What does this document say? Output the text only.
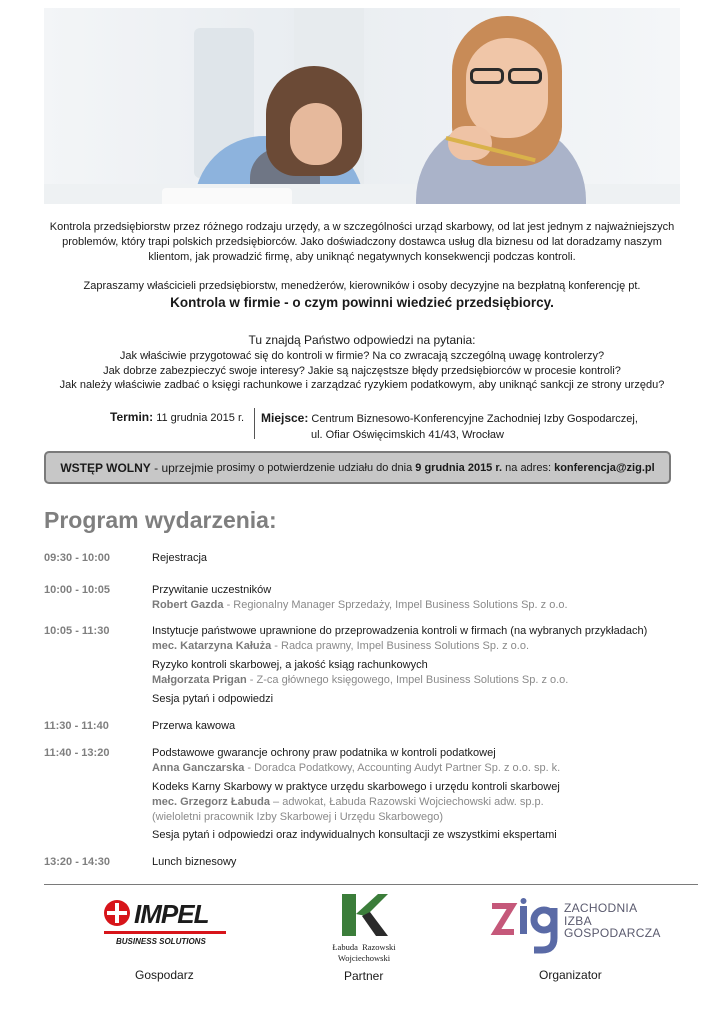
Kontrola przedsiębiorstw przez różnego rodzaju urzędy, a w szczególności urząd skarbowy, od lat jest jednym z najważniejszych
problemów, który trapi polskich przedsiębiorców. Jako doświadczony dostawca usług dla biznesu od lat doradzamy naszym
klientom, jak prowadzić firmę, aby uniknąć negatywnych konsekwencji podczas kontroli.
Zapraszamy właścicieli przedsiębiorstw, menedżerów, kierowników i osoby decyzyjne na bezpłatną konferencję pt.
Kontrola w firmie - o czym powinni wiedzieć przedsiębiorcy.
Tu znajdą Państwo odpowiedzi na pytania:
Jak właściwie przygotować się do kontroli w firmie? Na co zwracają szczególną uwagę kontrolerzy?
Jak dobrze zabezpieczyć swoje interesy? Jakie są najczęstsze błędy przedsiębiorców w procesie kontroli?
Jak należy właściwie zadbać o księgi rachunkowe i zarządzać ryzykiem podatkowym, aby uniknąć sankcji ze strony urzędu?
Termin: 11 grudnia 2015 r. Miejsce: Centrum Biznesowo-Konferencyjne Zachodniej Izby Gospodarczej,
ul. Ofiar Oświęcimskich 41/43, Wrocław
WSTĘP WOLNY - uprzejmie prosimy o potwierdzenie udziału do dnia 9 grudnia 2015 r. na adres: konferencja@zig.pl
Program wydarzenia:
09:30 - 10:00	Rejestracja
10:00 - 10:05	Przywitanie uczestników
Robert Gazda - Regionalny Manager Sprzedaży, Impel Business Solutions Sp. z o.o.
10:05 - 11:30	Instytucje państwowe uprawnione do przeprowadzenia kontroli w firmach (na wybranych przykładach)
mec. Katarzyna Kałuża - Radca prawny, Impel Business Solutions Sp. z o.o.
Ryzyko kontroli skarbowej, a jakość ksiąg rachunkowych
Małgorzata Prigan - Z-ca głównego księgowego, Impel Business Solutions Sp. z o.o.
Sesja pytań i odpowiedzi
11:30 - 11:40	Przerwa kawowa
11:40 - 13:20	Podstawowe gwarancje ochrony praw podatnika w kontroli podatkowej
Anna Ganczarska - Doradca Podatkowy, Accounting Audyt Partner Sp. z o.o. sp. k.
Kodeks Karny Skarbowy w praktyce urzędu skarbowego i urzędu kontroli skarbowej
mec. Grzegorz Łabuda – adwokat, Łabuda Razowski Wojciechowski adw. sp.p.
(wieloletni pracownik Izby Skarbowej i Urzędu Skarbowego)
Sesja pytań i odpowiedzi oraz indywidualnych konsultacji ze wszystkimi ekspertami
13:20 - 14:30	Lunch biznesowy
IMPEL
BUSINESS SOLUTIONS
Gospodarz
Łabuda  Razowski
Wojciechowski
Partner
ZACHODNIA
IZBA
GOSPODARCZA
Organizator
